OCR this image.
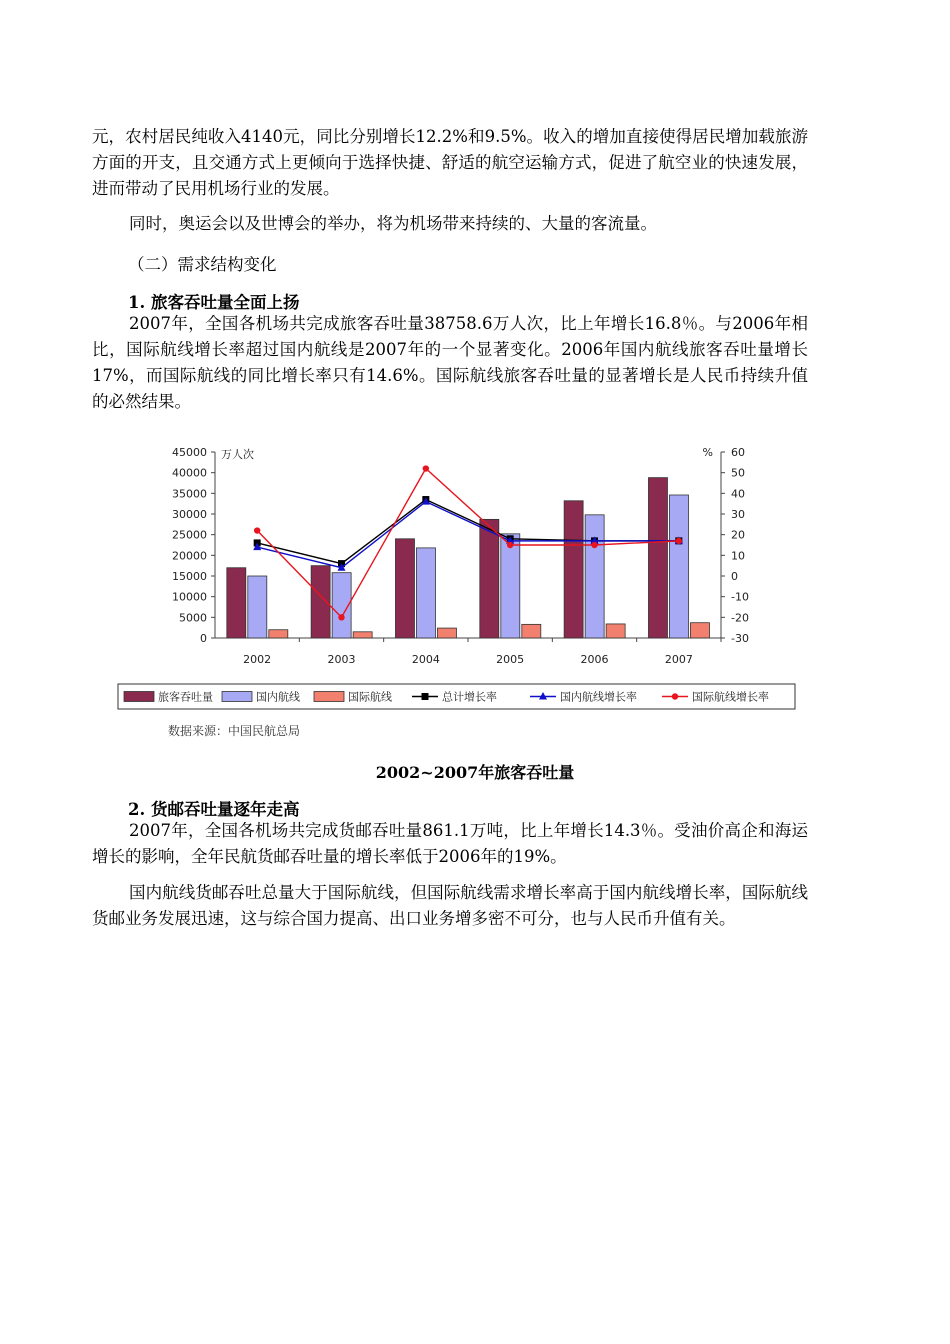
元，农村居民纯收入4140元，同比分别增长12.2%和9.5%。收入的增加直接使得居民增加载旅游方面的开支，且交通方式上更倾向于选择快捷、舒适的航空运输方式，促进了航空业的快速发展，进而带动了民用机场行业的发展。

同时，奥运会以及世博会的举办，将为机场带来持续的、大量的客流量。

（二）需求结构变化

1. 旅客吞吐量全面上扬

2007年，全国各机场共完成旅客吞吐量38758.6万人次，比上年增长16.8％。与2006年相比，国际航线增长率超过国内航线是2007年的一个显著变化。2006年国内航线旅客吞吐量增长17%，而国际航线的同比增长率只有14.6%。国际航线旅客吞吐量的显著增长是人民币持续升值的必然结果。

0
5000
10000
15000
20000
25000
30000
35000
40000
45000
-30
-20
-10
0
10
20
30
40
50
60
万人次	%
2002	2003	2004	2005	2006	2007
旅客吞吐量	国内航线	国际航线	总计增长率	国内航线增长率	国际航线增长率
数据来源：中国民航总局
2002~2007年旅客吞吐量

2. 货邮吞吐量逐年走高

2007年，全国各机场共完成货邮吞吐量861.1万吨，比上年增长14.3％。受油价高企和海运增长的影响，全年民航货邮吞吐量的增长率低于2006年的19%。

国内航线货邮吞吐总量大于国际航线，但国际航线需求增长率高于国内航线增长率，国际航线货邮业务发展迅速，这与综合国力提高、出口业务增多密不可分，也与人民币升值有关。
